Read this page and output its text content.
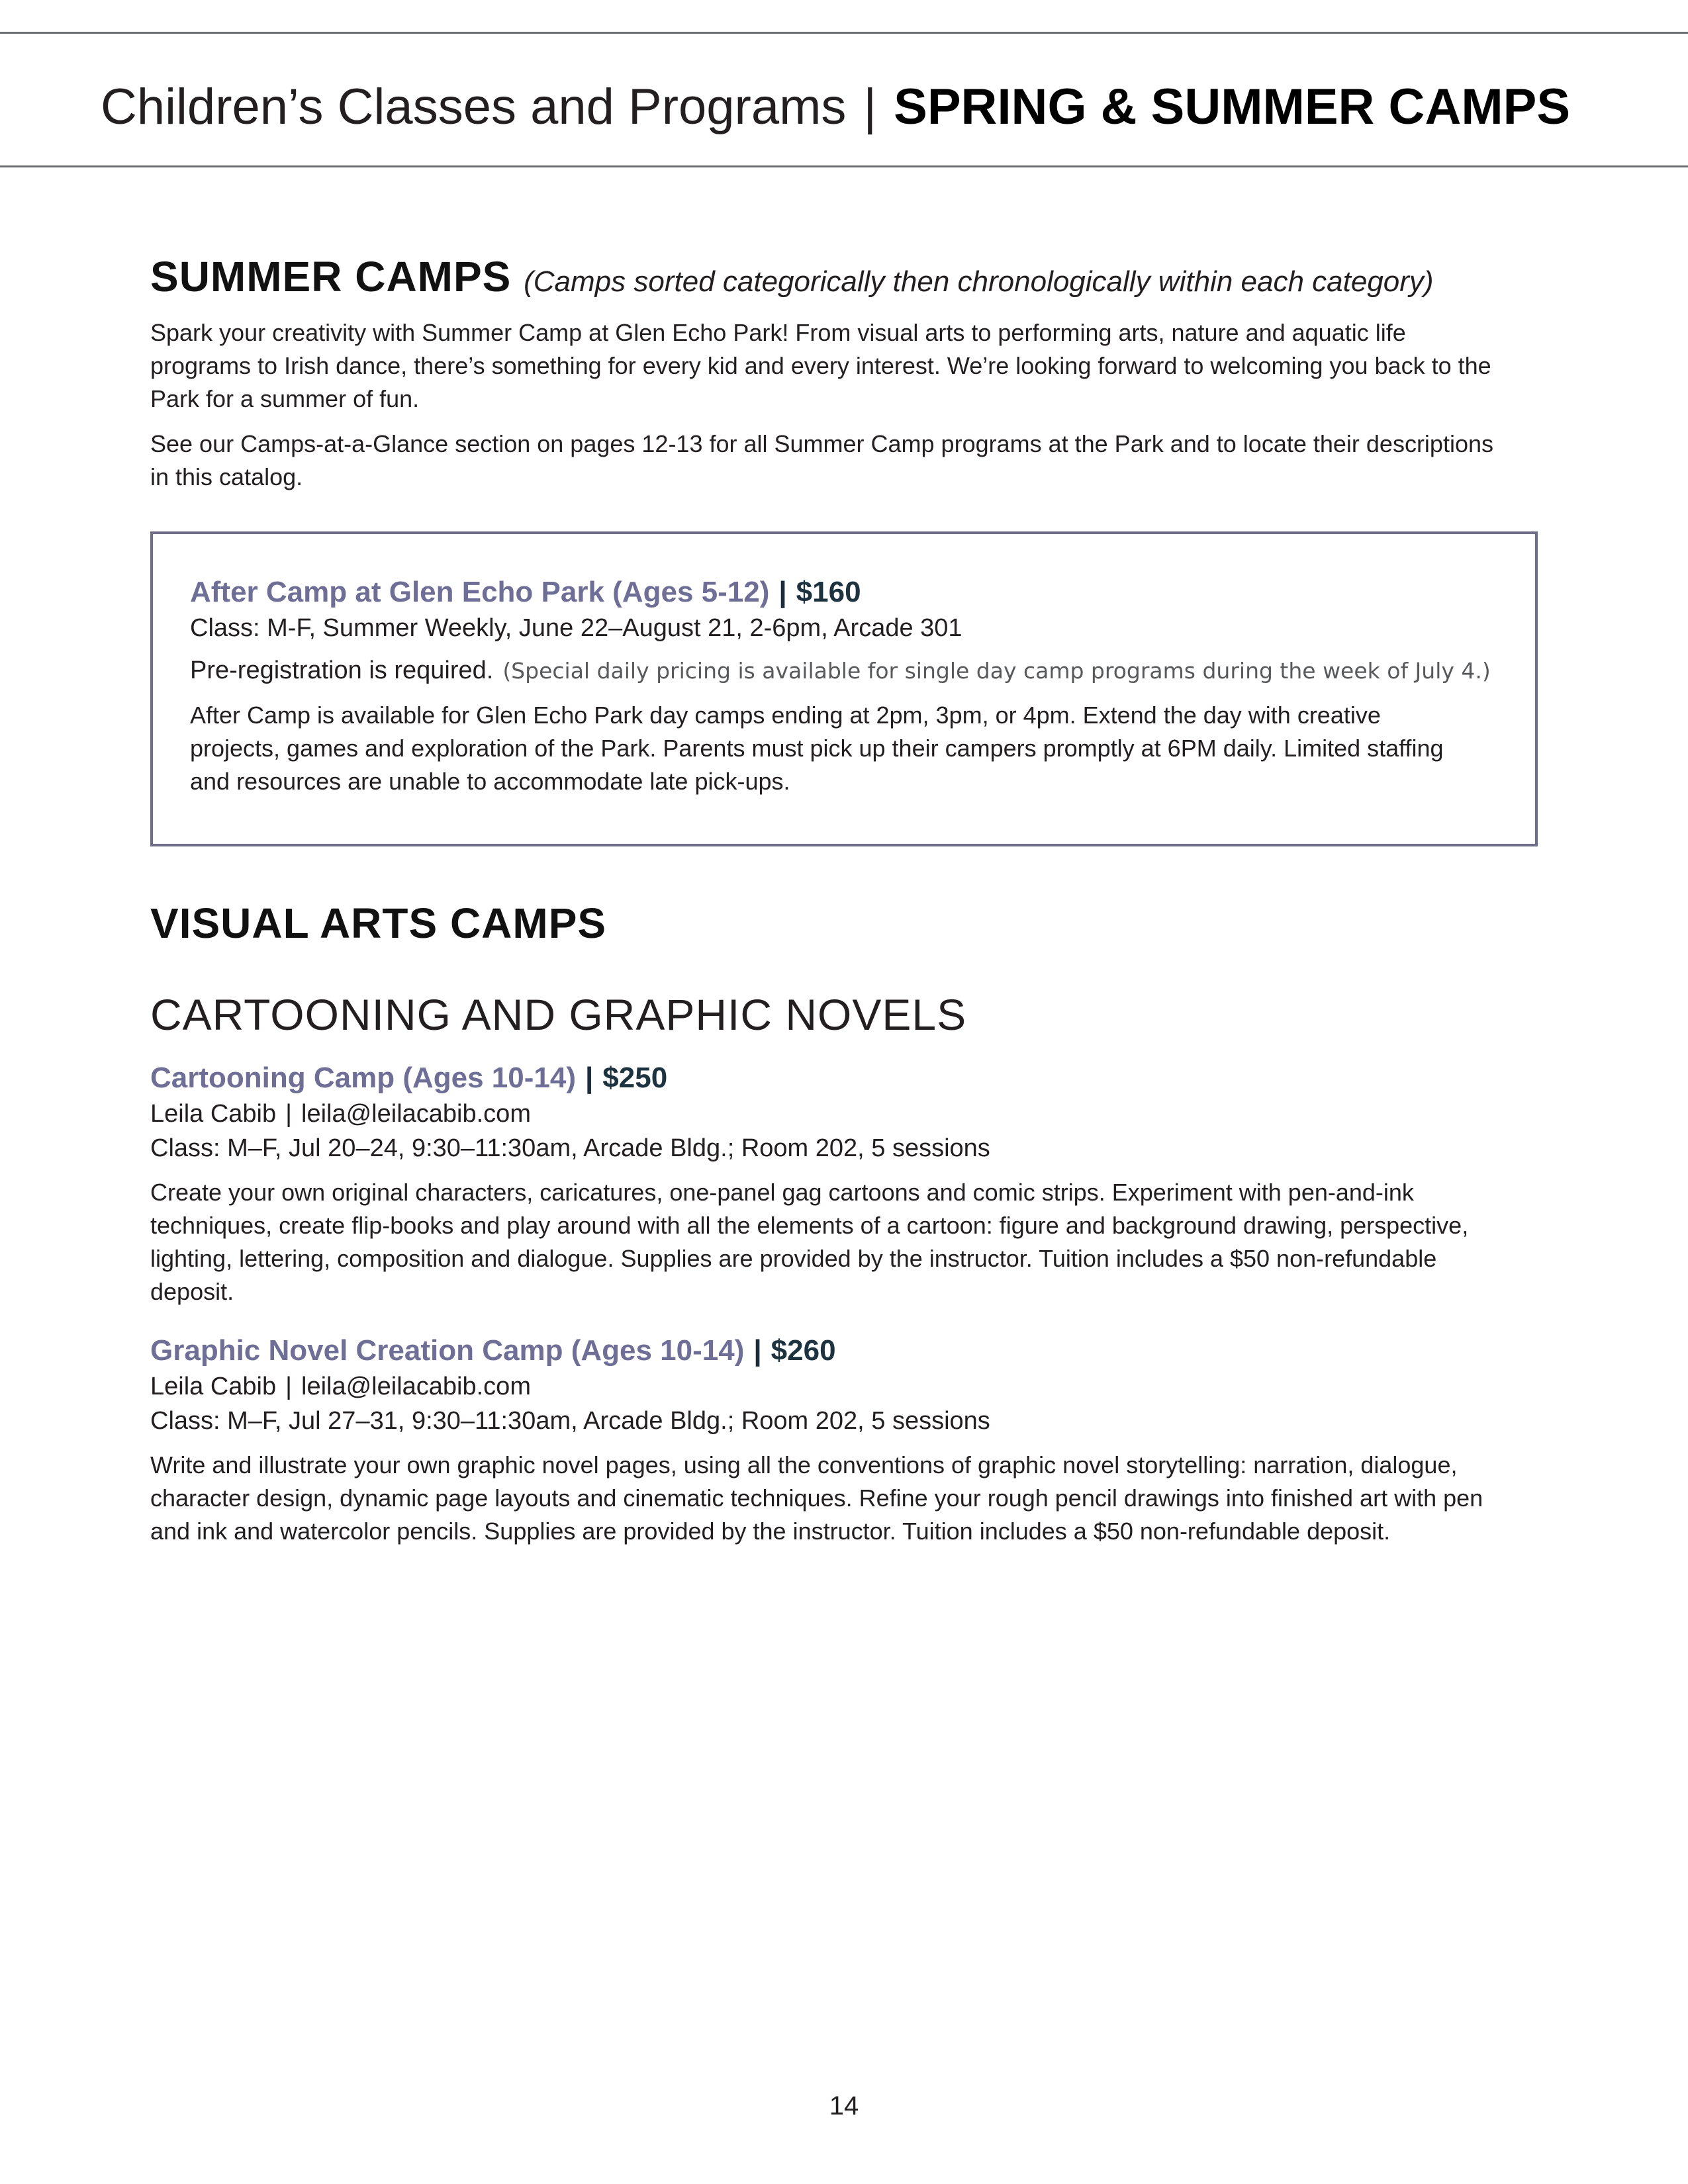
Children’s Classes and Programs | SPRING & SUMMER CAMPS
SUMMER CAMPS (Camps sorted categorically then chronologically within each category)

Spark your creativity with Summer Camp at Glen Echo Park! From visual arts to performing arts, nature and aquatic life

programs to Irish dance, there’s something for every kid and every interest. We’re looking forward to welcoming you back to the

Park for a summer of fun.

See our Camps-at-a-Glance section on pages 12-13 for all Summer Camp programs at the Park and to locate their descriptions

in this catalog.

After Camp at Glen Echo Park (Ages 5-12) | $160

Class: M-F, Summer Weekly, June 22–August 21, 2-6pm, Arcade 301

Pre-registration is required. (Special daily pricing is available for single day camp programs during the week of July 4.)

After Camp is available for Glen Echo Park day camps ending at 2pm, 3pm, or 4pm. Extend the day with creative

projects, games and exploration of the Park. Parents must pick up their campers promptly at 6PM daily. Limited staffing

and resources are unable to accommodate late pick-ups.

VISUAL ARTS CAMPS
CARTOONING AND GRAPHIC NOVELS

Cartooning Camp (Ages 10-14) | $250

Leila Cabib | leila@leilacabib.com

Class: M–F, Jul 20–24, 9:30–11:30am, Arcade Bldg.; Room 202, 5 sessions

Create your own original characters, caricatures, one-panel gag cartoons and comic strips. Experiment with pen-and-ink

techniques, create flip-books and play around with all the elements of a cartoon: figure and background drawing, perspective,

lighting, lettering, composition and dialogue. Supplies are provided by the instructor. Tuition includes a $50 non-refundable

deposit.

Graphic Novel Creation Camp (Ages 10-14) | $260

Leila Cabib | leila@leilacabib.com

Class: M–F, Jul 27–31, 9:30–11:30am, Arcade Bldg.; Room 202, 5 sessions

Write and illustrate your own graphic novel pages, using all the conventions of graphic novel storytelling: narration, dialogue,

character design, dynamic page layouts and cinematic techniques. Refine your rough pencil drawings into finished art with pen

and ink and watercolor pencils. Supplies are provided by the instructor. Tuition includes a $50 non-refundable deposit.

14
